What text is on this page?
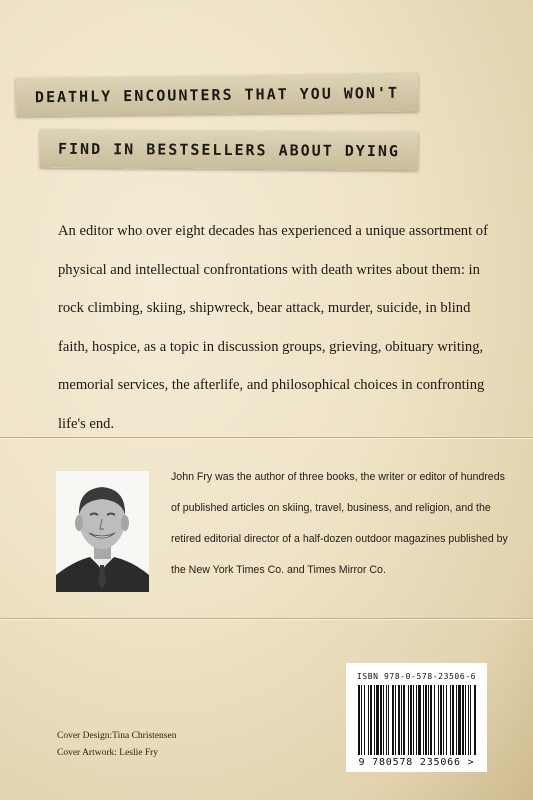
DEATHLY ENCOUNTERS THAT YOU WON'T
FIND IN BESTSELLERS ABOUT DYING
An editor who over eight decades has experienced a unique assortment of physical and intellectual confrontations with death writes about them: in rock climbing, skiing, shipwreck, bear attack, murder, suicide, in blind faith, hospice, as a topic in discussion groups, grieving, obituary writing, memorial services, the afterlife, and philosophical choices in confronting life's end.
John Fry was the author of three books, the writer or editor of hundreds of published articles on skiing, travel, business, and religion, and the retired editorial director of a half-dozen outdoor magazines published by the New York Times Co. and Times Mirror Co.
ISBN 978-0-578-23506-6
9 780578 235066 >
Cover Design:Tina Christensen
Cover Artwork: Leslie Fry
